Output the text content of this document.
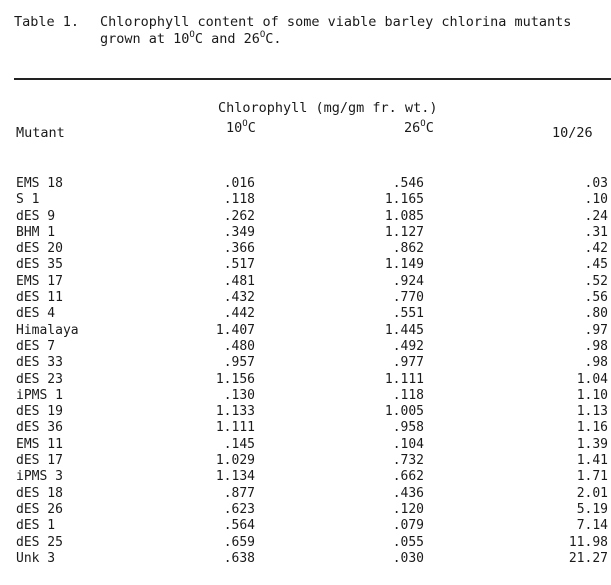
Table 1. Chlorophyll content of some viable barley chlorina mutants
grown at $10^OC$ and $26^OC$.
Chlorophyll (mg/gm fr. wt.)
Mutant	$10^OC$	$26^OC$	10/26
EMS 18	.016	.546	.03
S 1	.118	1.165	.10
dES 9	.262	1.085	.24
BHM 1	.349	1.127	.31
dES 20	.366	.862	.42
dES 35	.517	1.149	.45
EMS 17	.481	.924	.52
dES 11	.432	.770	.56
dES 4	.442	.551	.80
Himalaya	1.407	1.445	.97
dES 7	.480	.492	.98
dES 33	.957	.977	.98
dES 23	1.156	1.111	1.04
iPMS 1	.130	.118	1.10
dES 19	1.133	1.005	1.13
dES 36	1.111	.958	1.16
EMS 11	.145	.104	1.39
dES 17	1.029	.732	1.41
iPMS 3	1.134	.662	1.71
dES 18	.877	.436	2.01
dES 26	.623	.120	5.19
dES 1	.564	.079	7.14
dES 25	.659	.055	11.98
Unk 3	.638	.030	21.27
